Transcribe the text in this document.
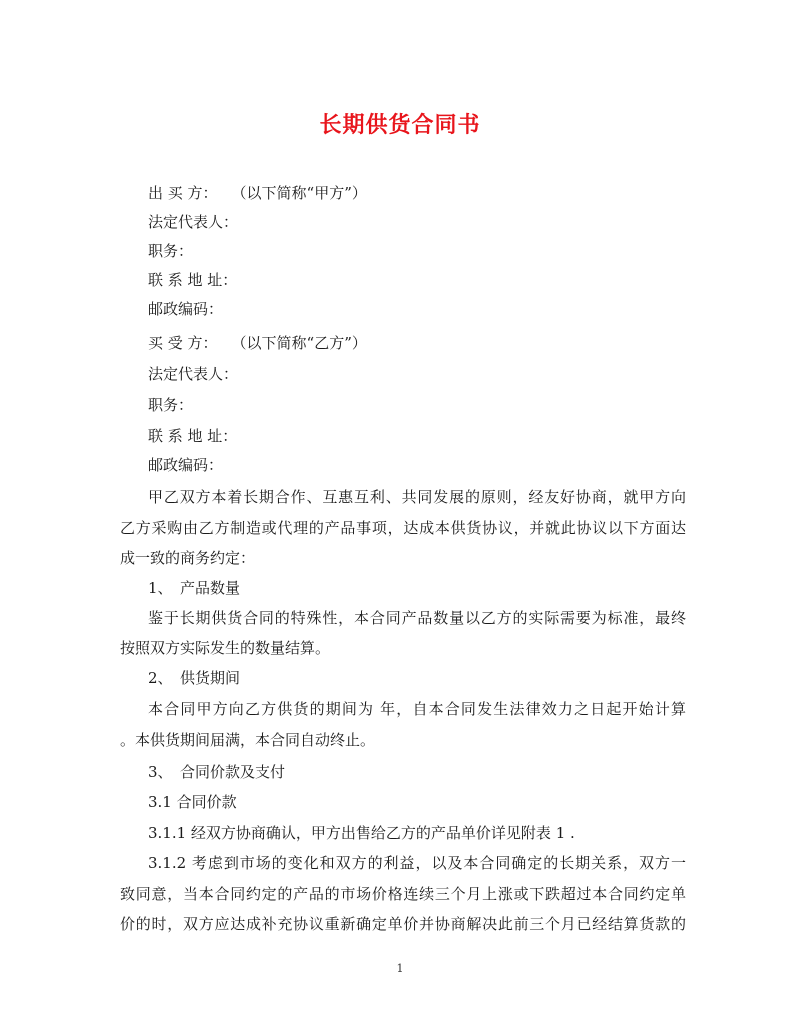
长期供货合同书
出 买 方： （以下简称“甲方”）
法定代表人：
职务：
联 系 地 址：
邮政编码：
买 受 方： （以下简称“乙方”）
法定代表人：
职务：
联 系 地 址：
邮政编码：
甲乙双方本着长期合作、互惠互利、共同发展的原则，经友好协商，就甲方向
乙方采购由乙方制造或代理的产品事项，达成本供货协议，并就此协议以下方面达
成一致的商务约定：
1、　产品数量
鉴于长期供货合同的特殊性，本合同产品数量以乙方的实际需要为标准，最终
按照双方实际发生的数量结算。
2、　供货期间
本合同甲方向乙方供货的期间为 年，自本合同发生法律效力之日起开始计算
。本供货期间届满，本合同自动终止。
3、　合同价款及支付
3.1 合同价款
3.1.1 经双方协商确认，甲方出售给乙方的产品单价详见附表 1 .
3.1.2 考虑到市场的变化和双方的利益，以及本合同确定的长期关系，双方一
致同意，当本合同约定的产品的市场价格连续三个月上涨或下跌超过本合同约定单
价的时，双方应达成补充协议重新确定单价并协商解决此前三个月已经结算货款的
1
